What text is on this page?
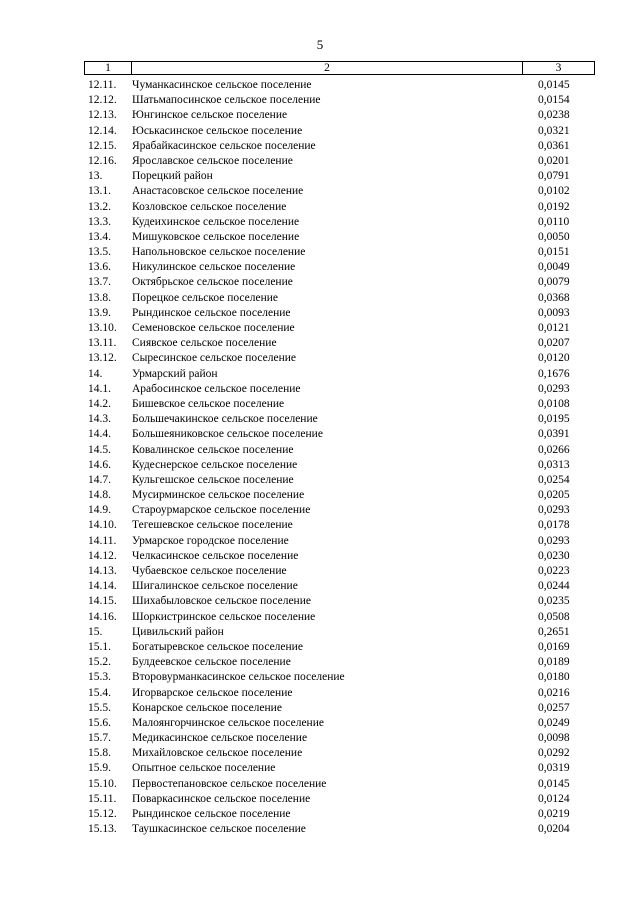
5
1	2	3
12.11. Чуманкасинское сельское поселение	0,0145
12.12. Шатьмапосинское сельское поселение	0,0154
12.13. Юнгинское сельское поселение	0,0238
12.14. Юськасинское сельское поселение	0,0321
12.15. Ярабайкасинское сельское поселение	0,0361
12.16. Ярославское сельское поселение	0,0201
13.	Порецкий район	0,0791
13.1. Анастасовское сельское поселение	0,0102
13.2. Козловское сельское поселение	0,0192
13.3. Кудеихинское сельское поселение	0,0110
13.4. Мишуковское сельское поселение	0,0050
13.5. Напольновское сельское поселение	0,0151
13.6. Никулинское сельское поселение	0,0049
13.7. Октябрьское сельское поселение	0,0079
13.8. Порецкое сельское поселение	0,0368
13.9. Рындинское сельское поселение	0,0093
13.10. Семеновское сельское поселение	0,0121
13.11. Сиявское сельское поселение	0,0207
13.12. Сыресинское сельское поселение	0,0120
14.	Урмарский район	0,1676
14.1. Арабосинское сельское поселение	0,0293
14.2. Бишевское сельское поселение	0,0108
14.3. Большечакинское сельское поселение	0,0195
14.4. Большеяниковское сельское поселение	0,0391
14.5. Ковалинское сельское поселение	0,0266
14.6. Кудеснерское сельское поселение	0,0313
14.7. Кульгешское сельское поселение	0,0254
14.8. Мусирминское сельское поселение	0,0205
14.9. Староурмарское сельское поселение	0,0293
14.10. Тегешевское сельское поселение	0,0178
14.11. Урмарское городское поселение	0,0293
14.12. Челкасинское сельское поселение	0,0230
14.13. Чубаевское сельское поселение	0,0223
14.14. Шигалинское сельское поселение	0,0244
14.15. Шихабыловское сельское поселение	0,0235
14.16. Шоркистринское сельское поселение	0,0508
15.	Цивильский район	0,2651
15.1. Богатыревское сельское поселение	0,0169
15.2. Булдеевское сельское поселение	0,0189
15.3. Второвурманкасинское сельское поселение	0,0180
15.4. Игорварское сельское поселение	0,0216
15.5. Конарское сельское поселение	0,0257
15.6. Малоянгорчинское сельское поселение	0,0249
15.7. Медикасинское сельское поселение	0,0098
15.8. Михайловское сельское поселение	0,0292
15.9. Опытное сельское поселение	0,0319
15.10. Первостепановское сельское поселение	0,0145
15.11. Поваркасинское сельское поселение	0,0124
15.12. Рындинское сельское поселение	0,0219
15.13. Таушкасинское сельское поселение	0,0204
